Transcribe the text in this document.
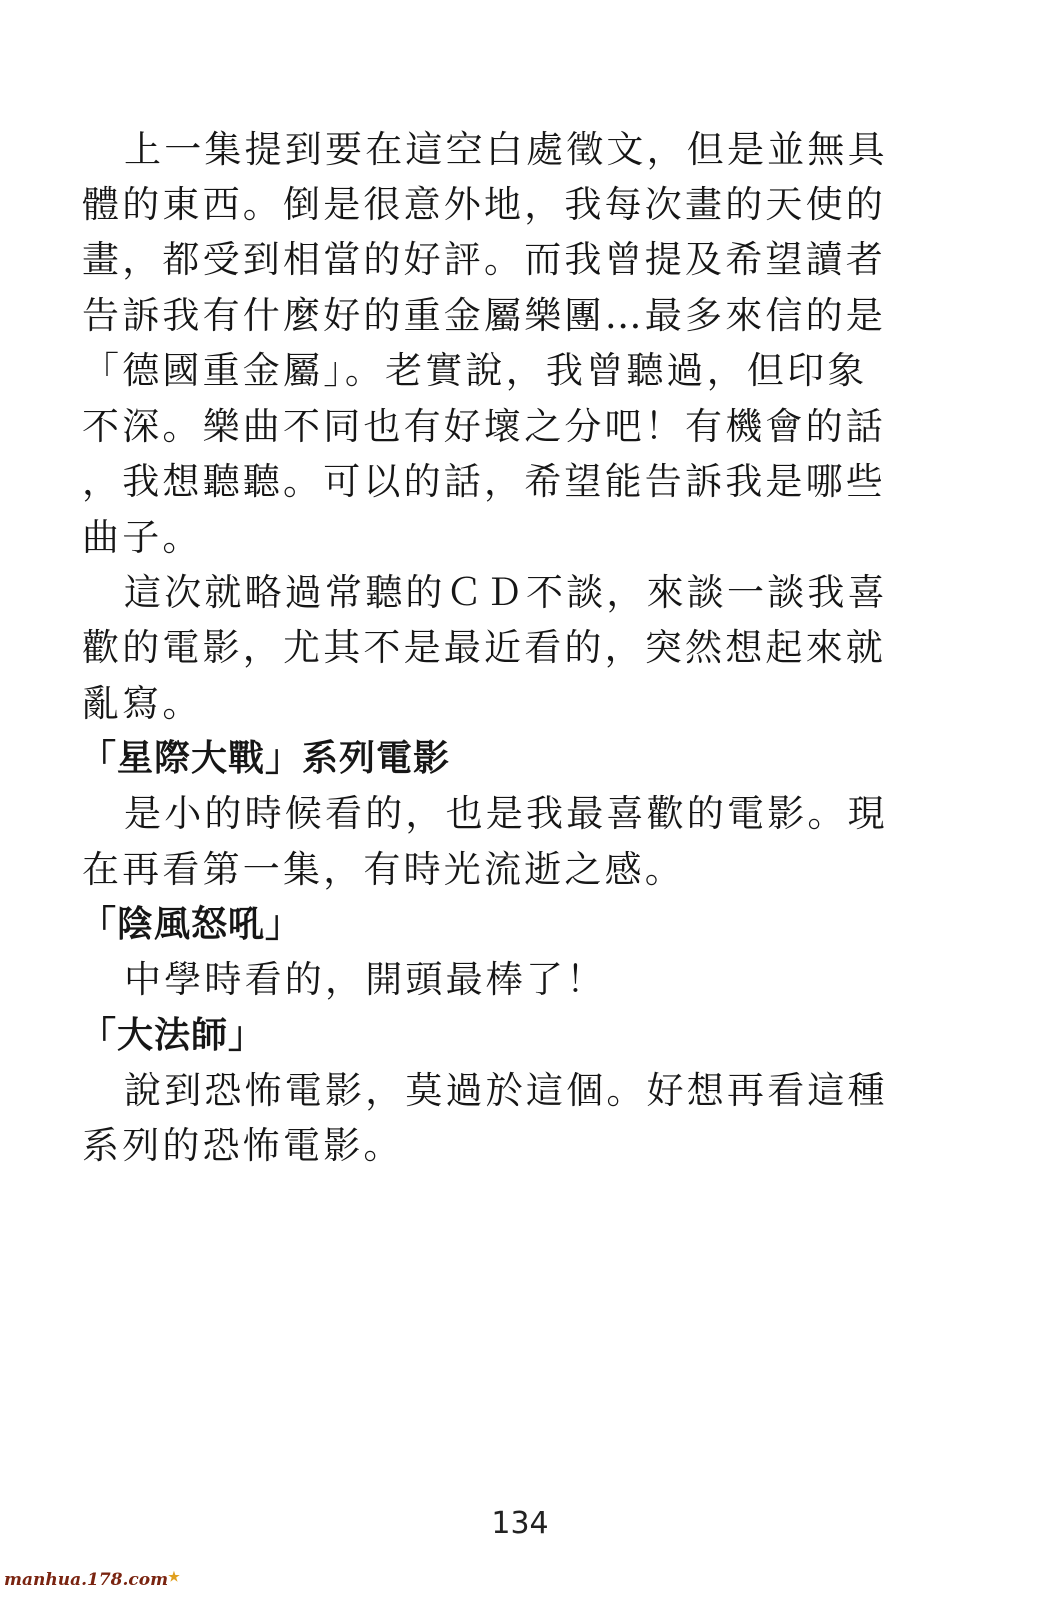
上一集提到要在這空白處徵文，但是並無具
體的東西。倒是很意外地，我每次畫的天使的
畫，都受到相當的好評。而我曾提及希望讀者
告訴我有什麼好的重金屬樂團…最多來信的是
「德國重金屬」。老實說，我曾聽過，但印象
不深。樂曲不同也有好壞之分吧！有機會的話
，我想聽聽。可以的話，希望能告訴我是哪些
曲子。
這次就略過常聽的ＣＤ不談，來談一談我喜
歡的電影，尤其不是最近看的，突然想起來就
亂寫。
「星際大戰」系列電影
是小的時候看的，也是我最喜歡的電影。現
在再看第一集，有時光流逝之感。
「陰風怒吼」
中學時看的，開頭最棒了！
「大法師」
說到恐怖電影，莫過於這個。好想再看這種
系列的恐怖電影。
134
manhua.178.com★
